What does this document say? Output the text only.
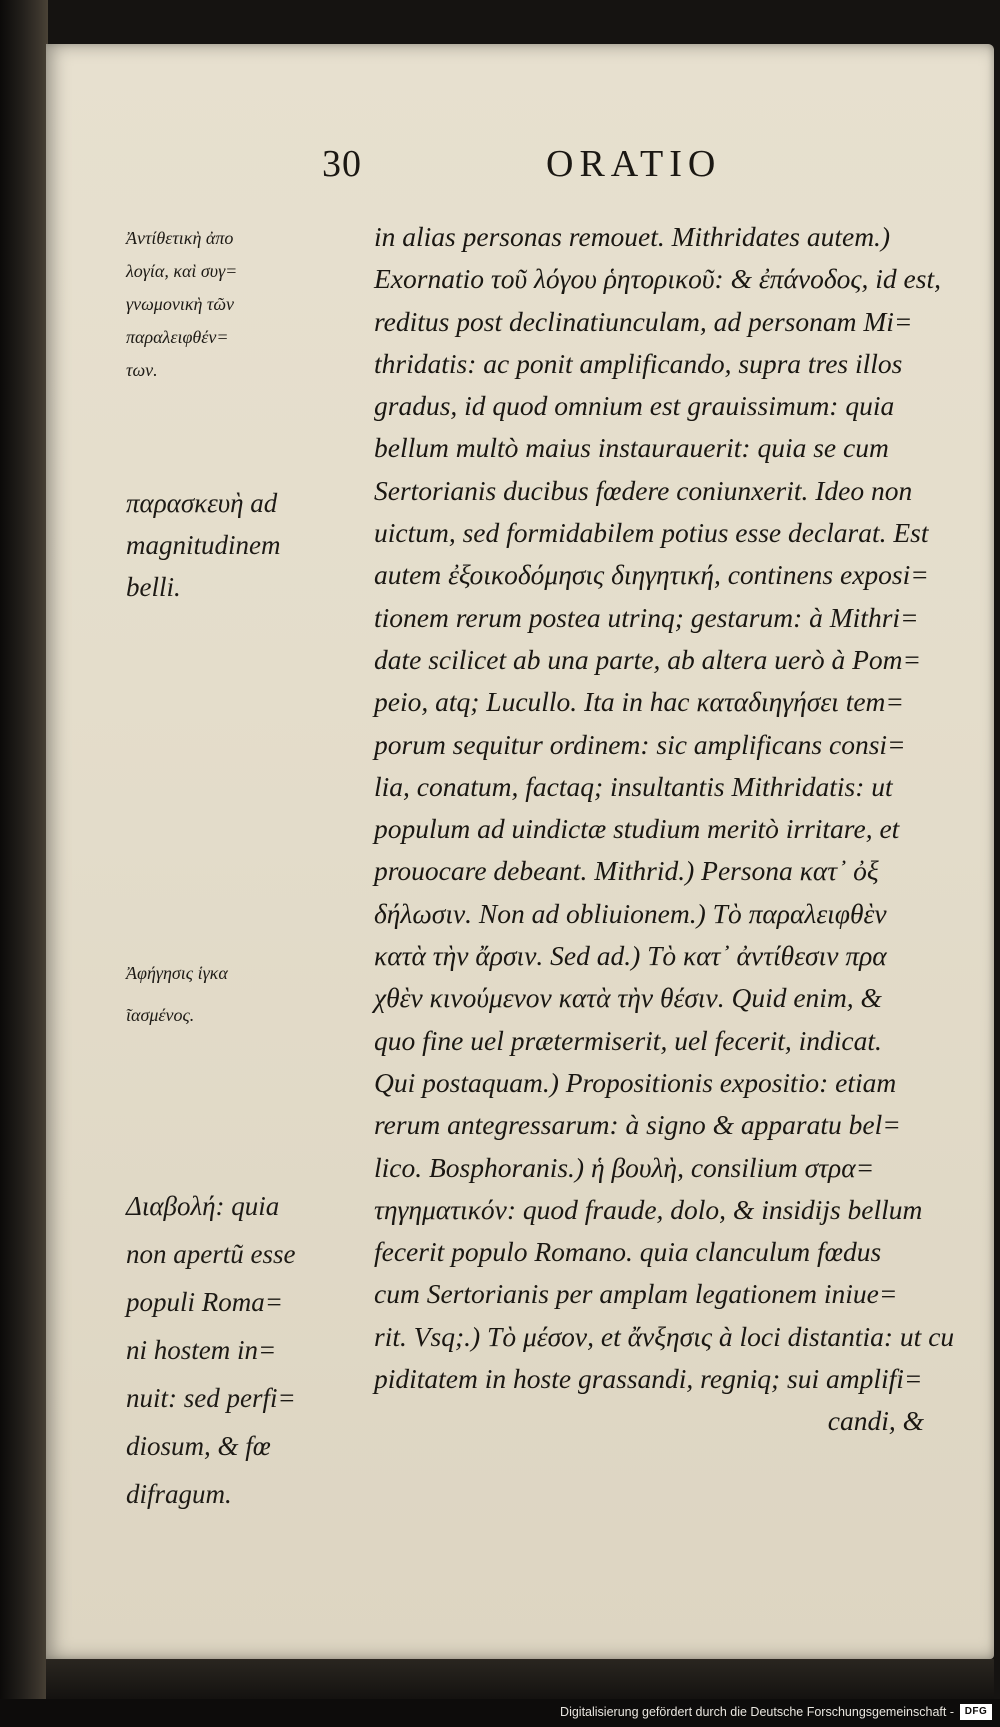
30	ORATIO
Ἀντίθετικὴ ἀπο
λογία, καὶ συγ=
γνωμονικὴ τῶν
παραλειφθέν=
των.
παρασκευὴ ad
magnitudinem
belli.
Ἀφήγησις ἱγκα
ῖασμένος.
Διαβολή: quia
non apertũ esse
populi Roma=
ni hostem in=
nuit: sed perfi=
diosum, & fœ
difragum.
in alias personas remouet. Mithridates autem.)
Exornatio τοῦ λόγου ῥητορικοῦ: & ἐπάνοδος, id est,
reditus post declinatiunculam, ad personam Mi=
thridatis: ac ponit amplificando, supra tres illos
gradus, id quod omnium est grauissimum: quia
bellum multò maius instaurauerit: quia se cum
Sertorianis ducibus fœdere coniunxerit. Ideo non
uictum, sed formidabilem potius esse declarat. Est
autem ἐξοικοδόμησις διηγητική, continens exposi=
tionem rerum postea utrinq; gestarum: à Mithri=
date scilicet ab una parte, ab altera uerò à Pom=
peio, atq; Lucullo. Ita in hac καταδιηγήσει tem=
porum sequitur ordinem: sic amplificans consi=
lia, conatum, factaq; insultantis Mithridatis: ut
populum ad uindictæ studium meritò irritare, et
prouocare debeant. Mithrid.) Persona κατ᾽ ὀξ
δήλωσιν. Non ad obliuionem.) Τὸ παραλειφθὲν
κατὰ τὴν ἄρσιν. Sed ad.) Τὸ κατ᾽ ἀντίθεσιν πρα
χθὲν κινούμενον κατὰ τὴν θέσιν. Quid enim, &
quo fine uel prætermiserit, uel fecerit, indicat.
Qui postaquam.) Propositionis expositio: etiam
rerum antegressarum: à signo & apparatu bel=
lico. Bosphoranis.) ἡ βουλὴ, consilium στρα=
τηγηματικόν: quod fraude, dolo, & insidijs bellum
fecerit populo Romano. quia clanculum fœdus
cum Sertorianis per amplam legationem iniue=
rit. Vsq;.) Τὸ μέσον, et ἄνξησις à loci distantia: ut cu
piditatem in hoste grassandi, regniq; sui amplifi=
candi, &
Digitalisierung gefördert durch die Deutsche Forschungsgemeinschaft -	DFG
